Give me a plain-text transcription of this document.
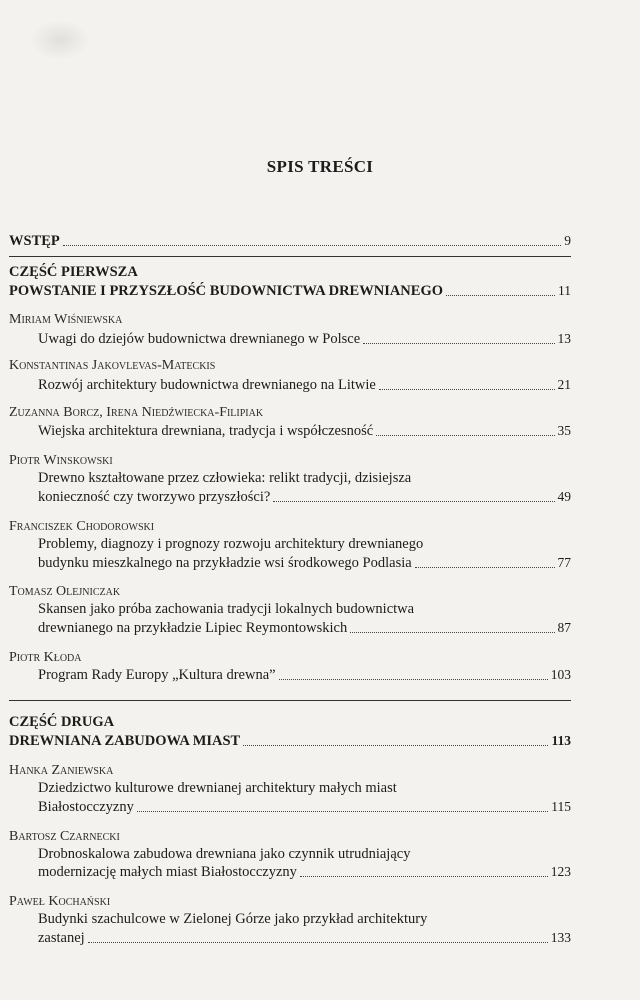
SPIS TREŚCI
WSTĘP	9
CZĘŚĆ PIERWSZA
POWSTANIE I PRZYSZŁOŚĆ BUDOWNICTWA DREWNIANEGO	11
Miriam Wiśniewska
Uwagi do dziejów budownictwa drewnianego w Polsce	13
Konstantinas Jakovlevas-Mateckis
Rozwój architektury budownictwa drewnianego na Litwie	21
Zuzanna Borcz, Irena Niedźwiecka-Filipiak
Wiejska architektura drewniana, tradycja i współczesność	35
Piotr Winskowski
Drewno kształtowane przez człowieka: relikt tradycji, dzisiejsza
konieczność czy tworzywo przyszłości?	49
Franciszek Chodorowski
Problemy, diagnozy i prognozy rozwoju architektury drewnianego
budynku mieszkalnego na przykładzie wsi środkowego Podlasia	77
Tomasz Olejniczak
Skansen jako próba zachowania tradycji lokalnych budownictwa
drewnianego na przykładzie Lipiec Reymontowskich	87
Piotr Kłoda
Program Rady Europy „Kultura drewna”	103
CZĘŚĆ DRUGA
DREWNIANA ZABUDOWA MIAST	113
Hanka Zaniewska
Dziedzictwo kulturowe drewnianej architektury małych miast
Białostocczyzny	115
Bartosz Czarnecki
Drobnoskalowa zabudowa drewniana jako czynnik utrudniający
modernizację małych miast Białostocczyzny	123
Paweł Kochański
Budynki szachulcowe w Zielonej Górze jako przykład architektury
zastanej	133
